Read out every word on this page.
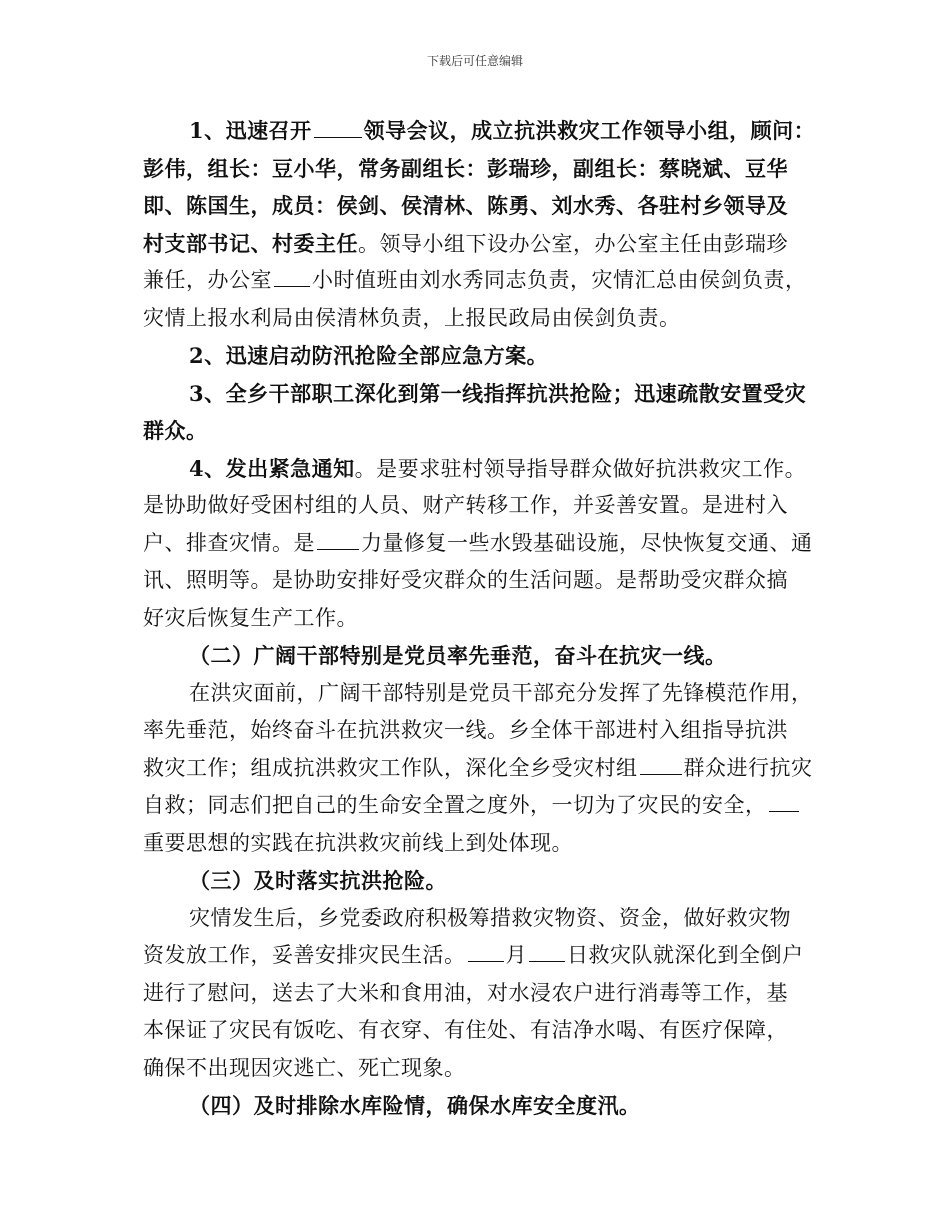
下载后可任意编辑
1、迅速召开 领导会议，成立抗洪救灾工作领导小组，顾问：
彭伟，组长：豆小华，常务副组长：彭瑞珍，副组长：蔡晓斌、豆华
即、陈国生，成员：侯剑、侯清林、陈勇、刘水秀、各驻村乡领导及
村支部书记、村委主任。领导小组下设办公室，办公室主任由彭瑞珍
兼任，办公室 小时值班由刘水秀同志负责，灾情汇总由侯剑负责，
灾情上报水利局由侯清林负责，上报民政局由侯剑负责。
2、迅速启动防汛抢险全部应急方案。
3、全乡干部职工深化到第一线指挥抗洪抢险；迅速疏散安置受灾
群众。
4、发出紧急通知。是要求驻村领导指导群众做好抗洪救灾工作。
是协助做好受困村组的人员、财产转移工作，并妥善安置。是进村入
户、排查灾情。是 力量修复一些水毁基础设施，尽快恢复交通、通
讯、照明等。是协助安排好受灾群众的生活问题。是帮助受灾群众搞
好灾后恢复生产工作。
（二）广阔干部特别是党员率先垂范，奋斗在抗灾一线。
在洪灾面前，广阔干部特别是党员干部充分发挥了先锋模范作用，
率先垂范，始终奋斗在抗洪救灾一线。乡全体干部进村入组指导抗洪
救灾工作；组成抗洪救灾工作队，深化全乡受灾村组 群众进行抗灾
自救；同志们把自己的生命安全置之度外，一切为了灾民的安全，
重要思想的实践在抗洪救灾前线上到处体现。
（三）及时落实抗洪抢险。
灾情发生后，乡党委政府积极筹措救灾物资、资金，做好救灾物
资发放工作，妥善安排灾民生活。 月 日救灾队就深化到全倒户
进行了慰问，送去了大米和食用油，对水浸农户进行消毒等工作，基
本保证了灾民有饭吃、有衣穿、有住处、有洁净水喝、有医疗保障，
确保不出现因灾逃亡、死亡现象。
（四）及时排除水库险情，确保水库安全度汛。
